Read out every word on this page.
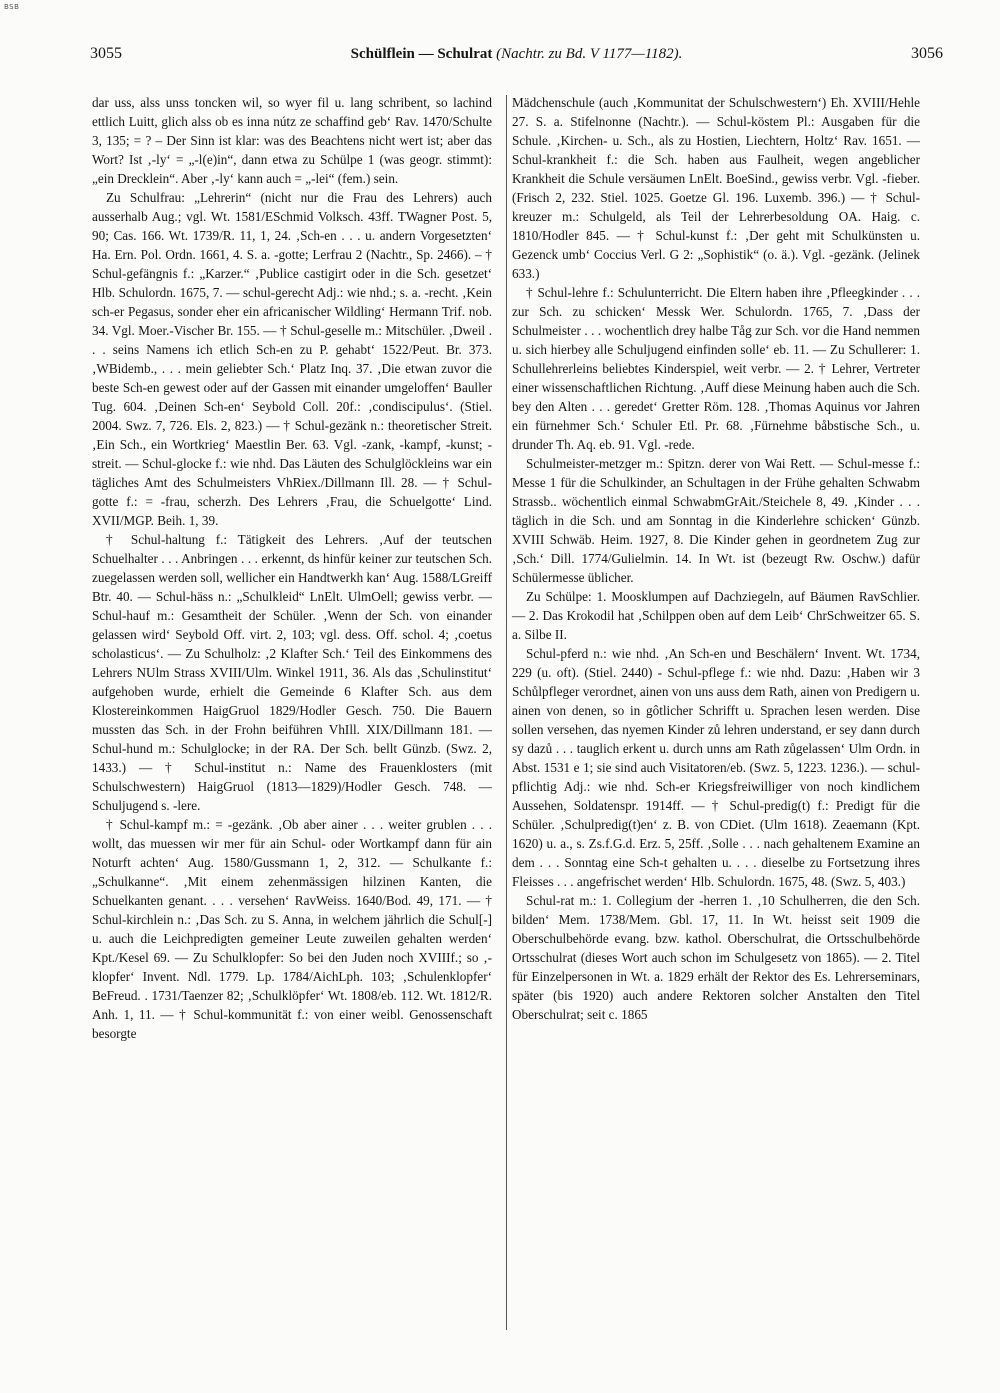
BSB
3055	Schülflein — Schulrat (Nachtr. zu Bd. V 1177—1182).	3056

dar uss, alss unss toncken wil, so wyer fil u. lang schribent, so lachind ettlich Luitt, glich alss ob es inna nútz ze schaffind geb‘ Rav. 1470/Schulte 3, 135; = ? – Der Sinn ist klar: was des Beachtens nicht wert ist; aber das Wort? Ist ‚-ly‘ = „-l(e)in“, dann etwa zu Schülpe 1 (was geogr. stimmt): „ein Drecklein“. Aber ‚-ly‘ kann auch = „-lei“ (fem.) sein.

Zu Schulfrau: „Lehrerin“ (nicht nur die Frau des Lehrers) auch ausserhalb Aug.; vgl. Wt. 1581/ESchmid Volksch. 43ff. TWagner Post. 5, 90; Cas. 166. Wt. 1739/R. 11, 1, 24. ‚Sch-en . . . u. andern Vorgesetzten‘ Ha. Ern. Pol. Ordn. 1661, 4. S. a. -gotte; Lerfrau 2 (Nachtr., Sp. 2466). – † Schul-gefängnis f.: „Karzer.“ ‚Publice castigirt oder in die Sch. gesetzet‘ Hlb. Schulordn. 1675, 7. — schul-gerecht Adj.: wie nhd.; s. a. -recht. ‚Kein sch-er Pegasus, sonder eher ein africanischer Wildling‘ Hermann Trif. nob. 34. Vgl. Moer.-Vischer Br. 155. — † Schul-geselle m.: Mitschüler. ‚Dweil . . . seins Namens ich etlich Sch-en zu P. gehabt‘ 1522/Peut. Br. 373. ‚WBidemb., . . . mein geliebter Sch.‘ Platz Inq. 37. ‚Die etwan zuvor die beste Sch-en gewest oder auf der Gassen mit einander umgeloffen‘ Bauller Tug. 604. ‚Deinen Sch-en‘ Seybold Coll. 20f.: ‚condiscipulus‘. (Stiel. 2004. Swz. 7, 726. Els. 2, 823.) — † Schul-gezänk n.: theoretischer Streit. ‚Ein Sch., ein Wortkrieg‘ Maestlin Ber. 63. Vgl. -zank, -kampf, -kunst; -streit. — Schul-glocke f.: wie nhd. Das Läuten des Schulglöckleins war ein tägliches Amt des Schulmeisters VhRiex./Dillmann Ill. 28. — † Schul-gotte f.: = -frau, scherzh. Des Lehrers ‚Frau, die Schuelgotte‘ Lind. XVII/MGP. Beih. 1, 39.

† Schul-haltung f.: Tätigkeit des Lehrers. ‚Auf der teutschen Schuelhalter . . . Anbringen . . . erkennt, ds hinfür keiner zur teutschen Sch. zuegelassen werden soll, wellicher ein Handtwerkh kan‘ Aug. 1588/LGreiff Btr. 40. — Schul-häss n.: „Schulkleid“ LnElt. UlmOell; gewiss verbr. — Schul-hauf m.: Gesamtheit der Schüler. ‚Wenn der Sch. von einander gelassen wird‘ Seybold Off. virt. 2, 103; vgl. dess. Off. schol. 4; ‚coetus scholasticus‘. — Zu Schulholz: ‚2 Klafter Sch.‘ Teil des Einkommens des Lehrers NUlm Strass XVIII/Ulm. Winkel 1911, 36. Als das ‚Schulinstitut‘ aufgehoben wurde, erhielt die Gemeinde 6 Klafter Sch. aus dem Klostereinkommen HaigGruol 1829/Hodler Gesch. 750. Die Bauern mussten das Sch. in der Frohn beiführen VhIll. XIX/Dillmann 181. — Schul-hund m.: Schulglocke; in der RA. Der Sch. bellt Günzb. (Swz. 2, 1433.) — † Schul-institut n.: Name des Frauenklosters (mit Schulschwestern) HaigGruol (1813—1829)/Hodler Gesch. 748. — Schuljugend s. -lere.

† Schul-kampf m.: = -gezänk. ‚Ob aber ainer . . . weiter grublen . . . wollt, das muessen wir mer für ain Schul- oder Wortkampf dann für ain Noturft achten‘ Aug. 1580/Gussmann 1, 2, 312. — Schulkante f.: „Schulkanne“. ‚Mit einem zehenmässigen hilzinen Kanten, die Schuelkanten genant. . . . versehen‘ RavWeiss. 1640/Bod. 49, 171. — † Schul-kirchlein n.: ‚Das Sch. zu S. Anna, in welchem jährlich die Schul[-] u. auch die Leichpredigten gemeiner Leute zuweilen gehalten werden‘ Kpt./Kesel 69. — Zu Schulklopfer: So bei den Juden noch XVIIIf.; so ‚-klopfer‘ Invent. Ndl. 1779. Lp. 1784/AichLph. 103; ‚Schulenklopfer‘ BeFreud. . 1731/Taenzer 82; ‚Schulklöpfer‘ Wt. 1808/eb. 112. Wt. 1812/R. Anh. 1, 11. — † Schul-kommunität f.: von einer weibl. Genossenschaft besorgte

Mädchenschule (auch ‚Kommunitat der Schulschwestern‘) Eh. XVIII/Hehle 27. S. a. Stifelnonne (Nachtr.). — Schul-köstem Pl.: Ausgaben für die Schule. ‚Kirchen- u. Sch., als zu Hostien, Liechtern, Holtz‘ Rav. 1651. — Schul-krankheit f.: die Sch. haben aus Faulheit, wegen angeblicher Krankheit die Schule versäumen LnElt. BoeSind., gewiss verbr. Vgl. -fieber. (Frisch 2, 232. Stiel. 1025. Goetze Gl. 196. Luxemb. 396.) — † Schul-kreuzer m.: Schulgeld, als Teil der Lehrerbesoldung OA. Haig. c. 1810/Hodler 845. — † Schul-kunst f.: ‚Der geht mit Schulkünsten u. Gezenck umb‘ Coccius Verl. G 2: „Sophistik“ (o. ä.). Vgl. -gezänk. (Jelinek 633.)

† Schul-lehre f.: Schulunterricht. Die Eltern haben ihre ‚Pfleegkinder . . . zur Sch. zu schicken‘ Messk Wer. Schulordn. 1765, 7. ‚Dass der Schulmeister . . . wochentlich drey halbe Tåg zur Sch. vor die Hand nemmen u. sich hierbey alle Schuljugend einfinden solle‘ eb. 11. — Zu Schullerer: 1. Schullehrerleins beliebtes Kinderspiel, weit verbr. — 2. † Lehrer, Vertreter einer wissenschaftlichen Richtung. ‚Auff diese Meinung haben auch die Sch. bey den Alten . . . geredet‘ Gretter Röm. 128. ‚Thomas Aquinus vor Jahren ein fürnehmer Sch.‘ Schuler Etl. Pr. 68. ‚Fürnehme båbstische Sch., u. drunder Th. Aq. eb. 91. Vgl. -rede.

Schulmeister-metzger m.: Spitzn. derer von Wai Rett. — Schul-messe f.: Messe 1 für die Schulkinder, an Schultagen in der Frühe gehalten Schwabm Strassb.. wöchentlich einmal SchwabmGrAit./Steichele 8, 49. ‚Kinder . . . täglich in die Sch. und am Sonntag in die Kinderlehre schicken‘ Günzb. XVIII Schwäb. Heim. 1927, 8. Die Kinder gehen in geordnetem Zug zur ‚Sch.‘ Dill. 1774/Gulielmin. 14. In Wt. ist (bezeugt Rw. Oschw.) dafür Schülermesse üblicher.

Zu Schülpe: 1. Moosklumpen auf Dachziegeln, auf Bäumen RavSchlier. — 2. Das Krokodil hat ‚Schilppen oben auf dem Leib‘ ChrSchweitzer 65. S. a. Silbe II.

Schul-pferd n.: wie nhd. ‚An Sch-en und Beschälern‘ Invent. Wt. 1734, 229 (u. oft). (Stiel. 2440) - Schul-pflege f.: wie nhd. Dazu: ‚Haben wir 3 Schůlpfleger verordnet, ainen von uns auss dem Rath, ainen von Predigern u. ainen von denen, so in gôtlicher Schrifft u. Sprachen lesen werden. Dise sollen versehen, das nyemen Kinder zů lehren understand, er sey dann durch sy dazů . . . tauglich erkent u. durch unns am Rath zůgelassen‘ Ulm Ordn. in Abst. 1531 e 1; sie sind auch Visitatoren/eb. (Swz. 5, 1223. 1236.). — schul-pflichtig Adj.: wie nhd. Sch-er Kriegsfreiwilliger von noch kindlichem Aussehen, Soldatenspr. 1914ff. — † Schul-predig(t) f.: Predigt für die Schüler. ‚Schulpredig(t)en‘ z. B. von CDiet. (Ulm 1618). Zeaemann (Kpt. 1620) u. a., s. Zs.f.G.d. Erz. 5, 25ff. ‚Solle . . . nach gehaltenem Examine an dem . . . Sonntag eine Sch-t gehalten u. . . . dieselbe zu Fortsetzung ihres Fleisses . . . angefrischet werden‘ Hlb. Schulordn. 1675, 48. (Swz. 5, 403.)

Schul-rat m.: 1. Collegium der -herren 1. ‚10 Schulherren, die den Sch. bilden‘ Mem. 1738/Mem. Gbl. 17, 11. In Wt. heisst seit 1909 die Oberschulbehörde evang. bzw. kathol. Oberschulrat, die Ortsschulbehörde Ortsschulrat (dieses Wort auch schon im Schulgesetz von 1865). — 2. Titel für Einzelpersonen in Wt. a. 1829 erhält der Rektor des Es. Lehrerseminars, später (bis 1920) auch andere Rektoren solcher Anstalten den Titel Oberschulrat; seit c. 1865
